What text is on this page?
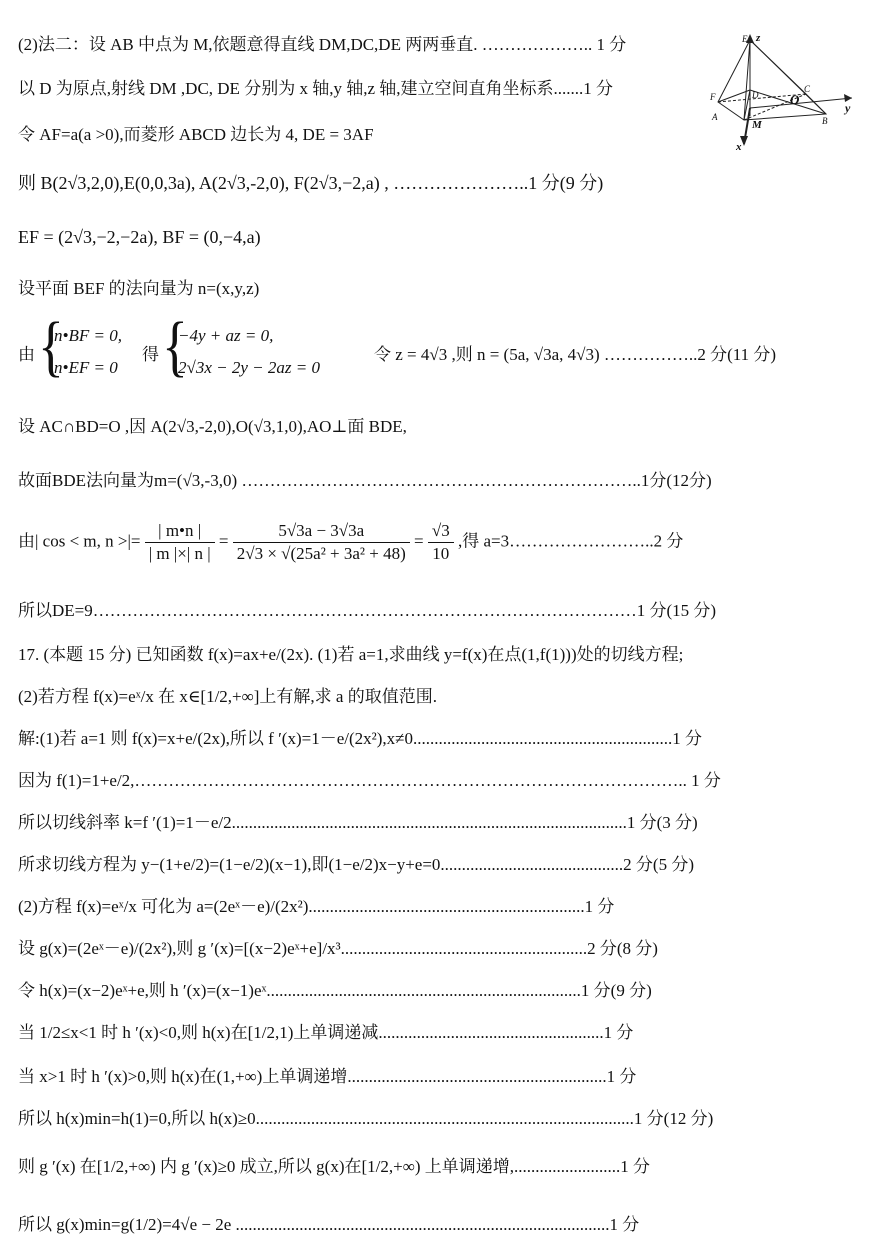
E z
F	D O
C
y
A
M	B
x
(2)法二：设 AB 中点为 M,依题意得直线 DM,DC,DE 两两垂直. ……………….. 1 分
以 D 为原点,射线 DM ,DC, DE 分别为 x 轴,y 轴,z 轴,建立空间直角坐标系.......1 分
令 AF=a(a >0),而菱形 ABCD 边长为 4, DE = 3AF
则 B(2√3,2,0),E(0,0,3a), A(2√3,-2,0), F(2√3,−2,a) , …………………..1 分(9 分)
EF = (2√3,−2,−2a), BF = (0,−4,a)
设平面 BEF 的法向量为 n=(x,y,z)
由 {
n•BF = 0,
n•EF = 0
得 {
−4y + az = 0,
2√3x − 2y − 2az = 0
令 z = 4√3 ,则 n = (5a, √3a, 4√3) ……………..2 分(11 分)
设 AC∩BD=O ,因 A(2√3,-2,0),O(√3,1,0),AO⊥面 BDE,
故面BDE法向量为m=(√3,-3,0) ……………………………………………………………..1分(12分)
由| cos < m, n >|= $\frac{| m•n |}{| m |\times| n |} = \frac{5√3a - 3√3a}{\text{2√3 × √(25a² + 3a² + 48)}} = \frac{√3}{10}$ ,得 a=3……………………..2 分
所以DE=9……………………………………………………………………………………1 分(15 分)
17. (本题 15 分) 已知函数 f(x)=ax+e/(2x). (1)若 a=1,求曲线 y=f(x)在点(1,f(1)))处的切线方程;
(2)若方程 f(x)=eˣ/x 在 x∈[1/2,+∞]上有解,求 a 的取值范围.
解:(1)若 a=1 则 f(x)=x+e/(2x),所以 f ′(x)=1－e/(2x²),x≠0.............................................................1 分
因为 f(1)=1+e/2,…………………………………………………………………………………….. 1 分
所以切线斜率 k=f ′(1)=1－e/2.............................................................................................1 分(3 分)
所求切线方程为 y−(1+e/2)=(1−e/2)(x−1),即(1−e/2)x−y+e=0...........................................2 分(5 分)
(2)方程 f(x)=eˣ/x 可化为 a=(2eˣ－e)/(2x²).................................................................1 分
设 g(x)=(2eˣ－e)/(2x²),则 g ′(x)=[(x−2)eˣ+e]/x³..........................................................2 分(8 分)
令 h(x)=(x−2)eˣ+e,则 h ′(x)=(x−1)eˣ..........................................................................1 分(9 分)
当 1/2≤x<1 时 h ′(x)<0,则 h(x)在[1/2,1)上单调递减.....................................................1 分
当 x>1 时 h ′(x)>0,则 h(x)在(1,+∞)上单调递增.............................................................1 分
所以 h(x)min=h(1)=0,所以 h(x)≥0.........................................................................................1 分(12 分)
则 g ′(x) 在[1/2,+∞) 内 g ′(x)≥0 成立,所以 g(x)在[1/2,+∞) 上单调递增,.........................1 分
所以 g(x)min=g(1/2)=4√e − 2e ........................................................................................1 分
